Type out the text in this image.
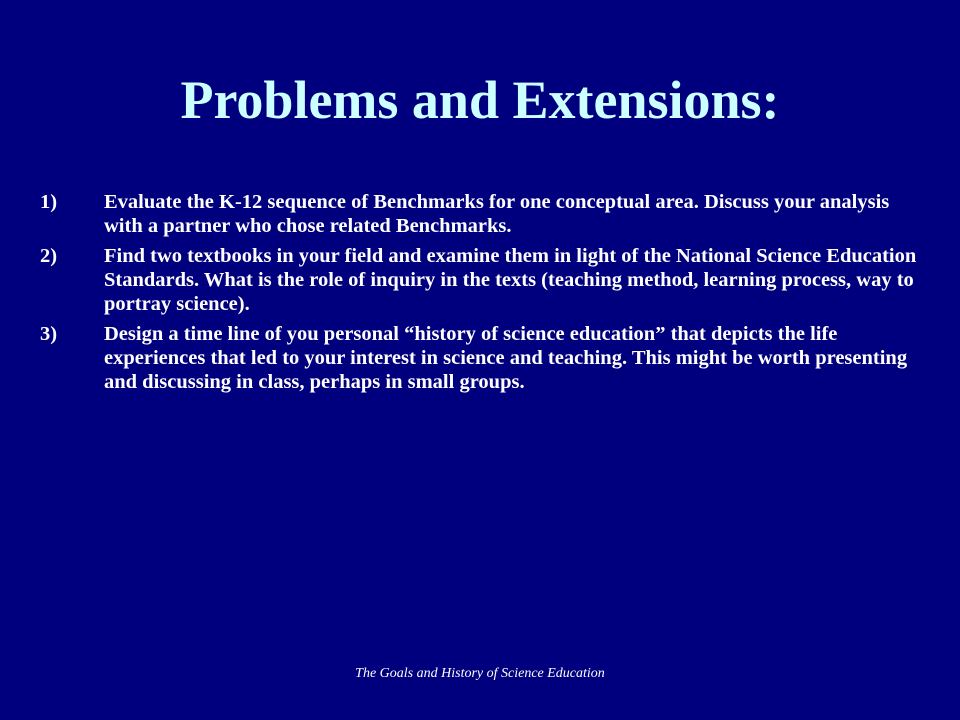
Problems and Extensions:
1)	Evaluate the K-12 sequence of Benchmarks for one conceptual area. Discuss your analysis with a partner who chose related Benchmarks.
2)	Find two textbooks in your field and examine them in light of the National Science Education Standards. What is the role of inquiry in the texts (teaching method, learning process, way to portray science).
3)	Design a time line of you personal “history of science education” that depicts the life experiences that led to your interest in science and teaching. This might be worth presenting and discussing in class, perhaps in small groups.
The Goals and History of Science Education
